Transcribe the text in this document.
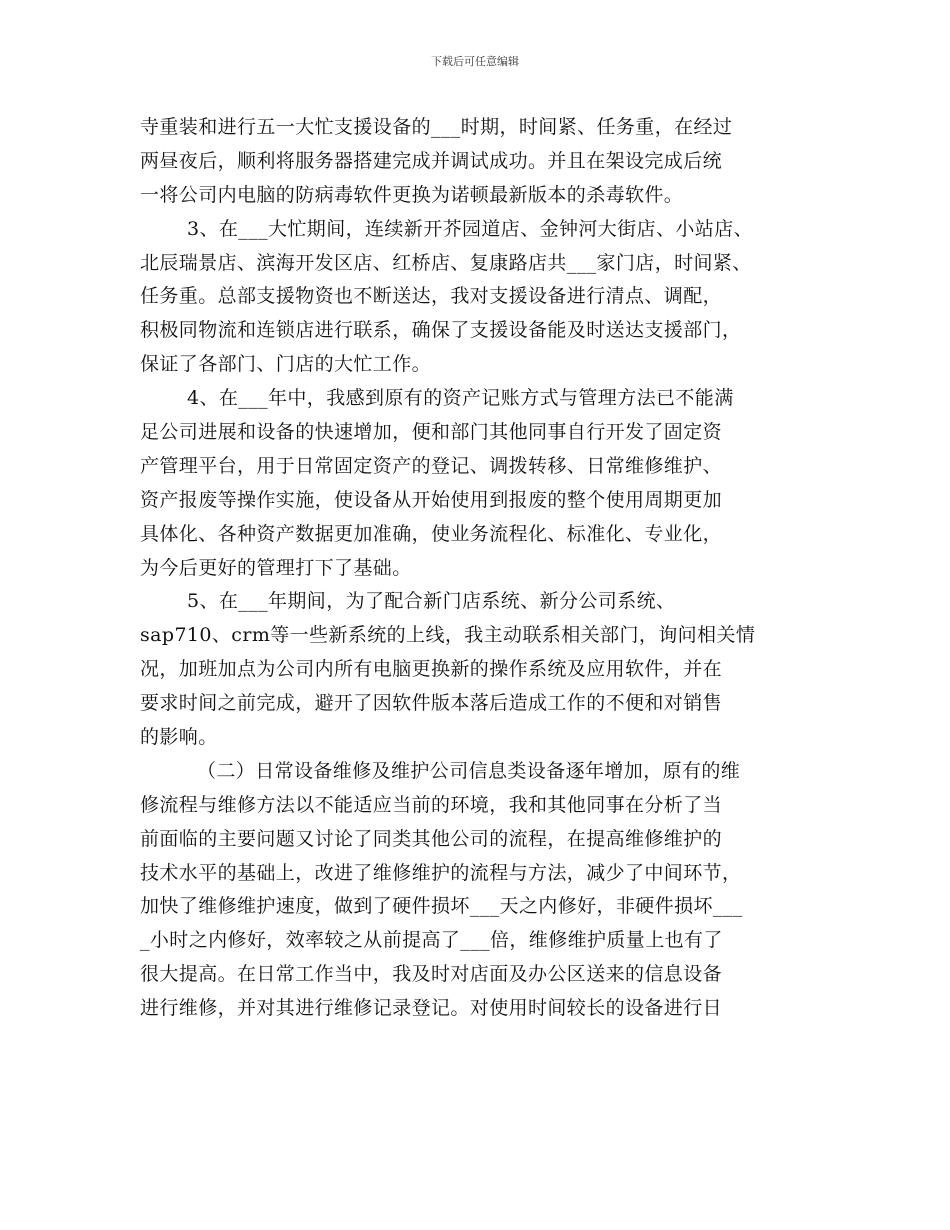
下载后可任意编辑
寺重装和进行五一大忙支援设备的___时期，时间紧、任务重，在经过
两昼夜后，顺利将服务器搭建完成并调试成功。并且在架设完成后统
一将公司内电脑的防病毒软件更换为诺顿最新版本的杀毒软件。
3、在___大忙期间，连续新开芥园道店、金钟河大街店、小站店、
北辰瑞景店、滨海开发区店、红桥店、复康路店共___家门店，时间紧、
任务重。总部支援物资也不断送达，我对支援设备进行清点、调配，
积极同物流和连锁店进行联系，确保了支援设备能及时送达支援部门，
保证了各部门、门店的大忙工作。
4、在___年中，我感到原有的资产记账方式与管理方法已不能满
足公司进展和设备的快速增加，便和部门其他同事自行开发了固定资
产管理平台，用于日常固定资产的登记、调拨转移、日常维修维护、
资产报废等操作实施，使设备从开始使用到报废的整个使用周期更加
具体化、各种资产数据更加准确，使业务流程化、标准化、专业化，
为今后更好的管理打下了基础。
5、在___年期间，为了配合新门店系统、新分公司系统、
sap710、crm等一些新系统的上线，我主动联系相关部门，询问相关情
况，加班加点为公司内所有电脑更换新的操作系统及应用软件，并在
要求时间之前完成，避开了因软件版本落后造成工作的不便和对销售
的影响。
（二）日常设备维修及维护公司信息类设备逐年增加，原有的维
修流程与维修方法以不能适应当前的环境，我和其他同事在分析了当
前面临的主要问题又讨论了同类其他公司的流程，在提高维修维护的
技术水平的基础上，改进了维修维护的流程与方法，减少了中间环节，
加快了维修维护速度，做到了硬件损坏___天之内修好，非硬件损坏___
_小时之内修好，效率较之从前提高了___倍，维修维护质量上也有了
很大提高。在日常工作当中，我及时对店面及办公区送来的信息设备
进行维修，并对其进行维修记录登记。对使用时间较长的设备进行日
